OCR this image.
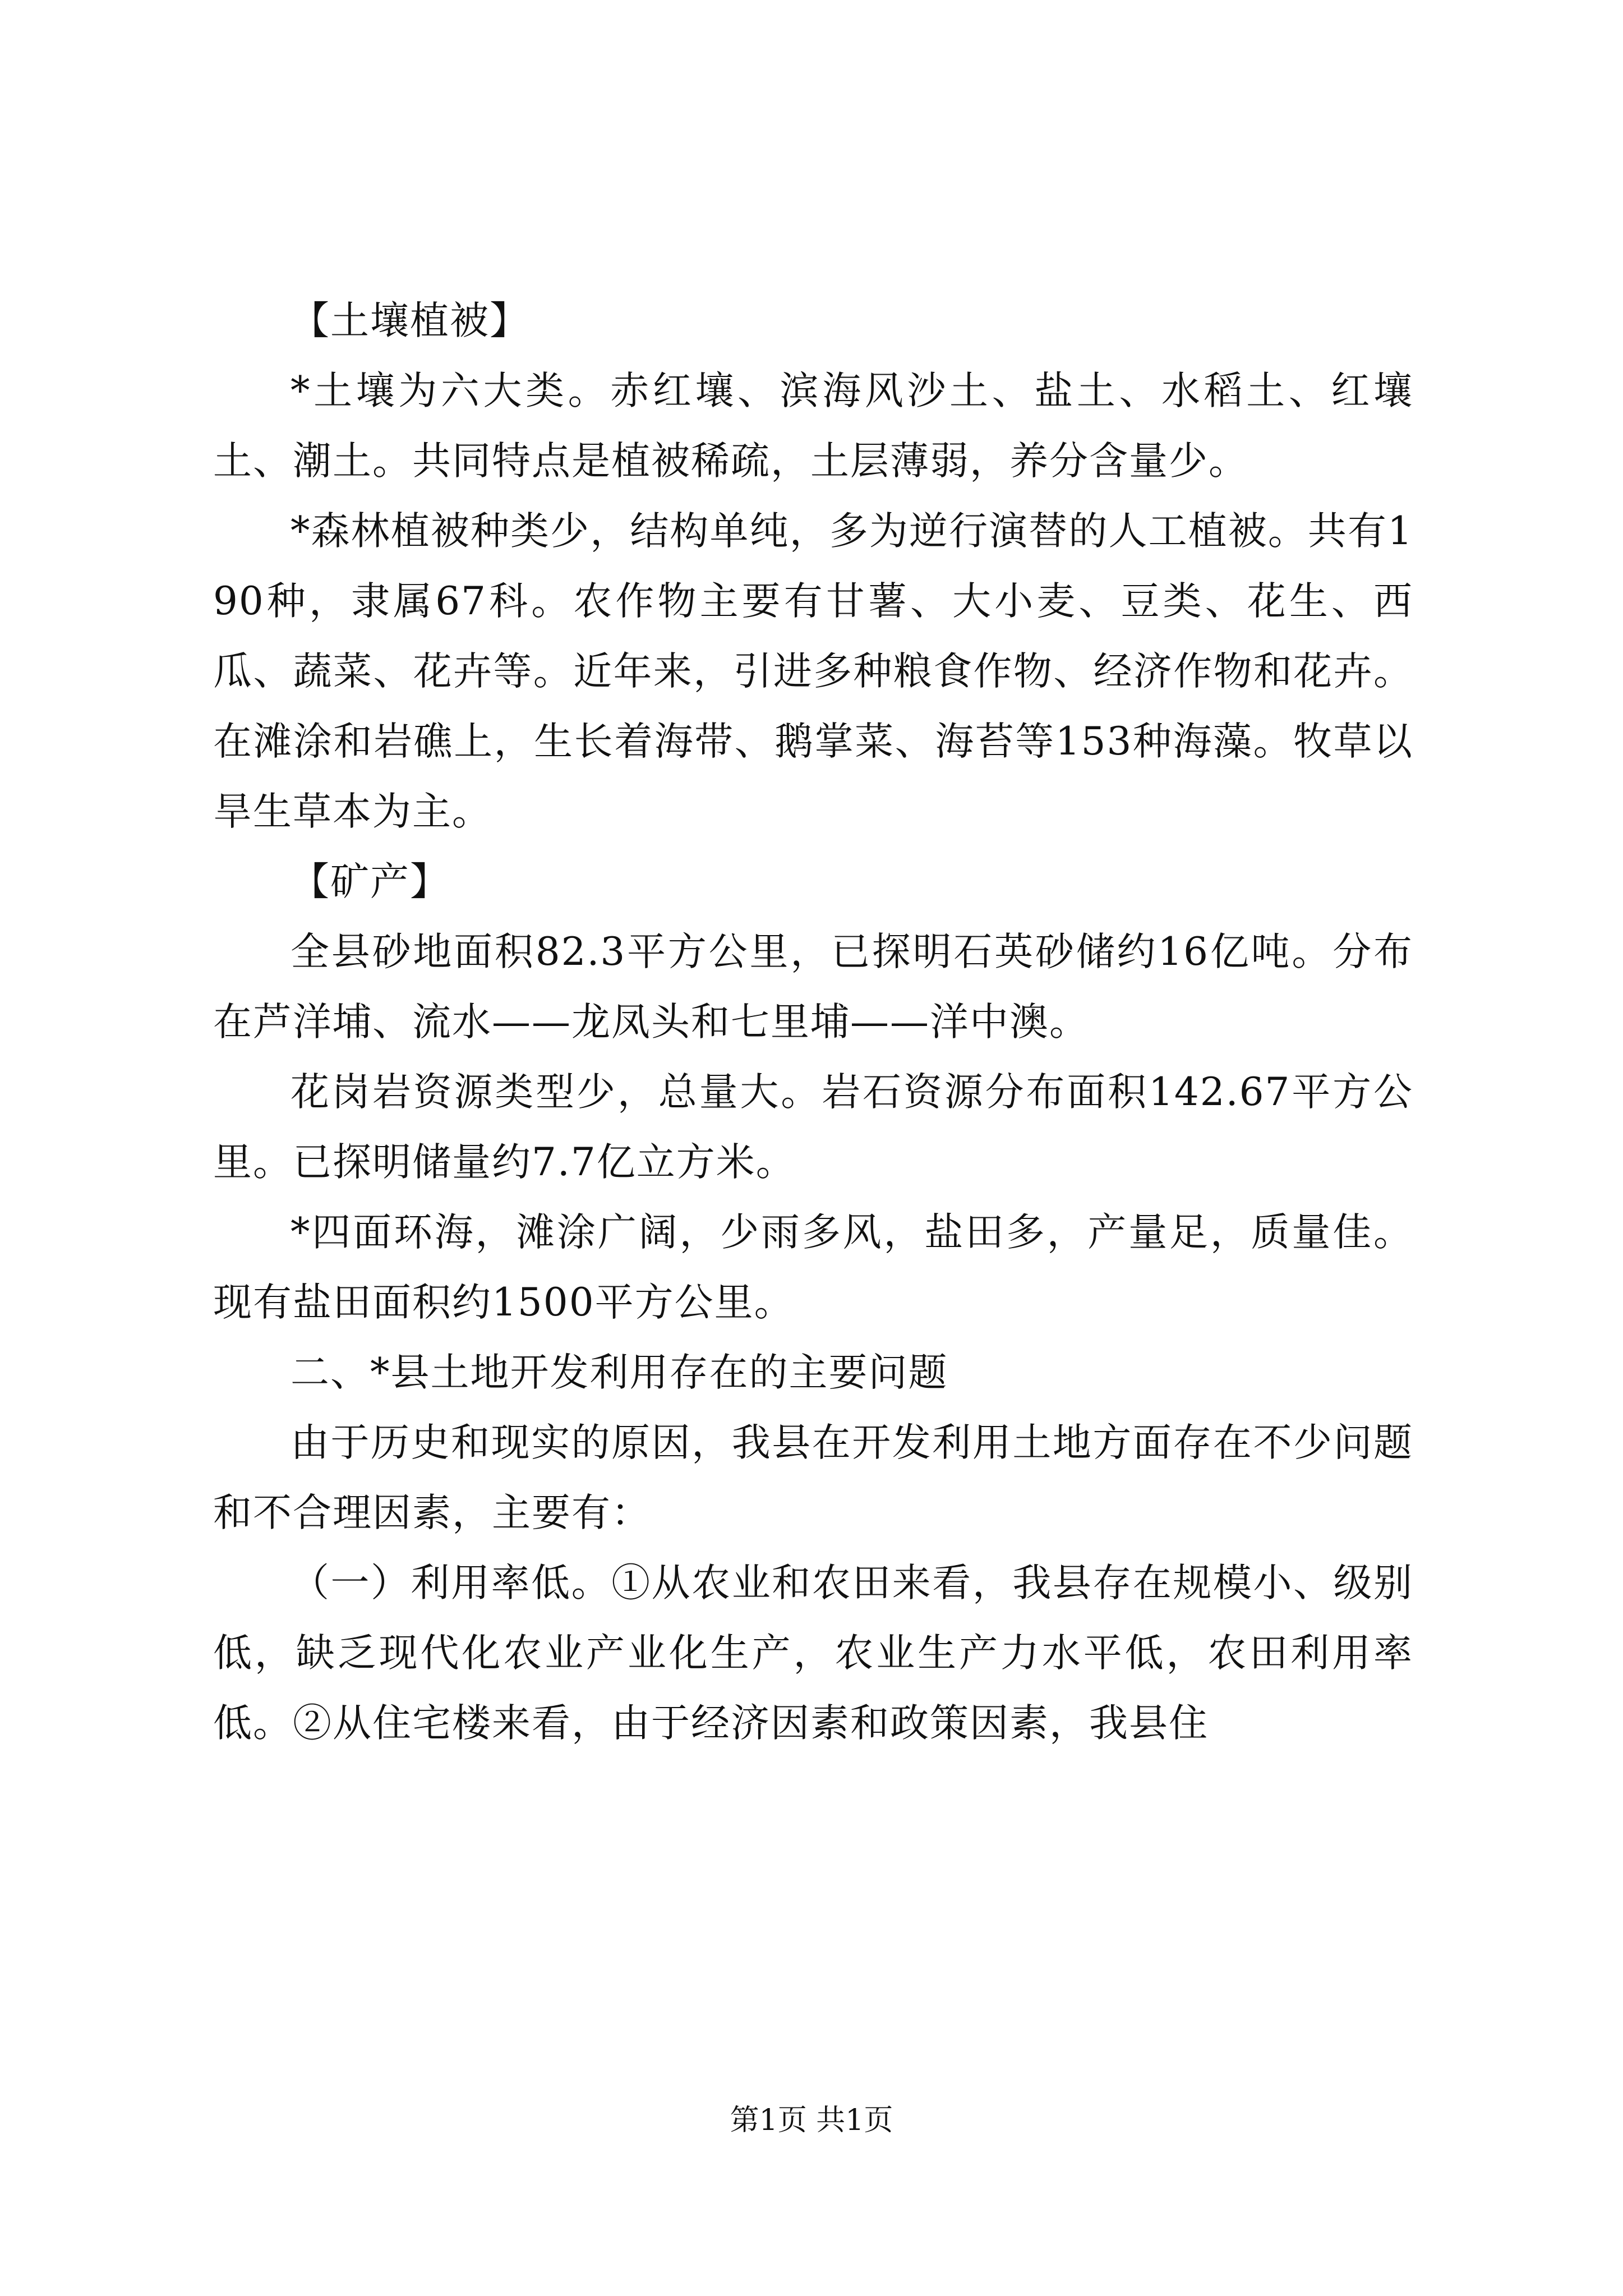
【土壤植被】

*土壤为六大类。赤红壤、滨海风沙土、盐土、水稻土、红壤土、潮土。共同特点是植被稀疏，土层薄弱，养分含量少。

*森林植被种类少，结构单纯，多为逆行演替的人工植被。共有190种，隶属67科。农作物主要有甘薯、大小麦、豆类、花生、西瓜、蔬菜、花卉等。近年来，引进多种粮食作物、经济作物和花卉。在滩涂和岩礁上，生长着海带、鹅掌菜、海苔等153种海藻。牧草以旱生草本为主。

【矿产】

全县砂地面积82.3平方公里，已探明石英砂储约16亿吨。分布在芦洋埔、流水——龙凤头和七里埔——洋中澳。

花岗岩资源类型少，总量大。岩石资源分布面积142.67平方公里。已探明储量约7.7亿立方米。

*四面环海，滩涂广阔，少雨多风，盐田多，产量足，质量佳。现有盐田面积约1500平方公里。

二、*县土地开发利用存在的主要问题

由于历史和现实的原因，我县在开发利用土地方面存在不少问题和不合理因素，主要有：

（一）利用率低。①从农业和农田来看，我县存在规模小、级别低，缺乏现代化农业产业化生产，农业生产力水平低，农田利用率低。②从住宅楼来看，由于经济因素和政策因素，我县住

第1页 共1页
